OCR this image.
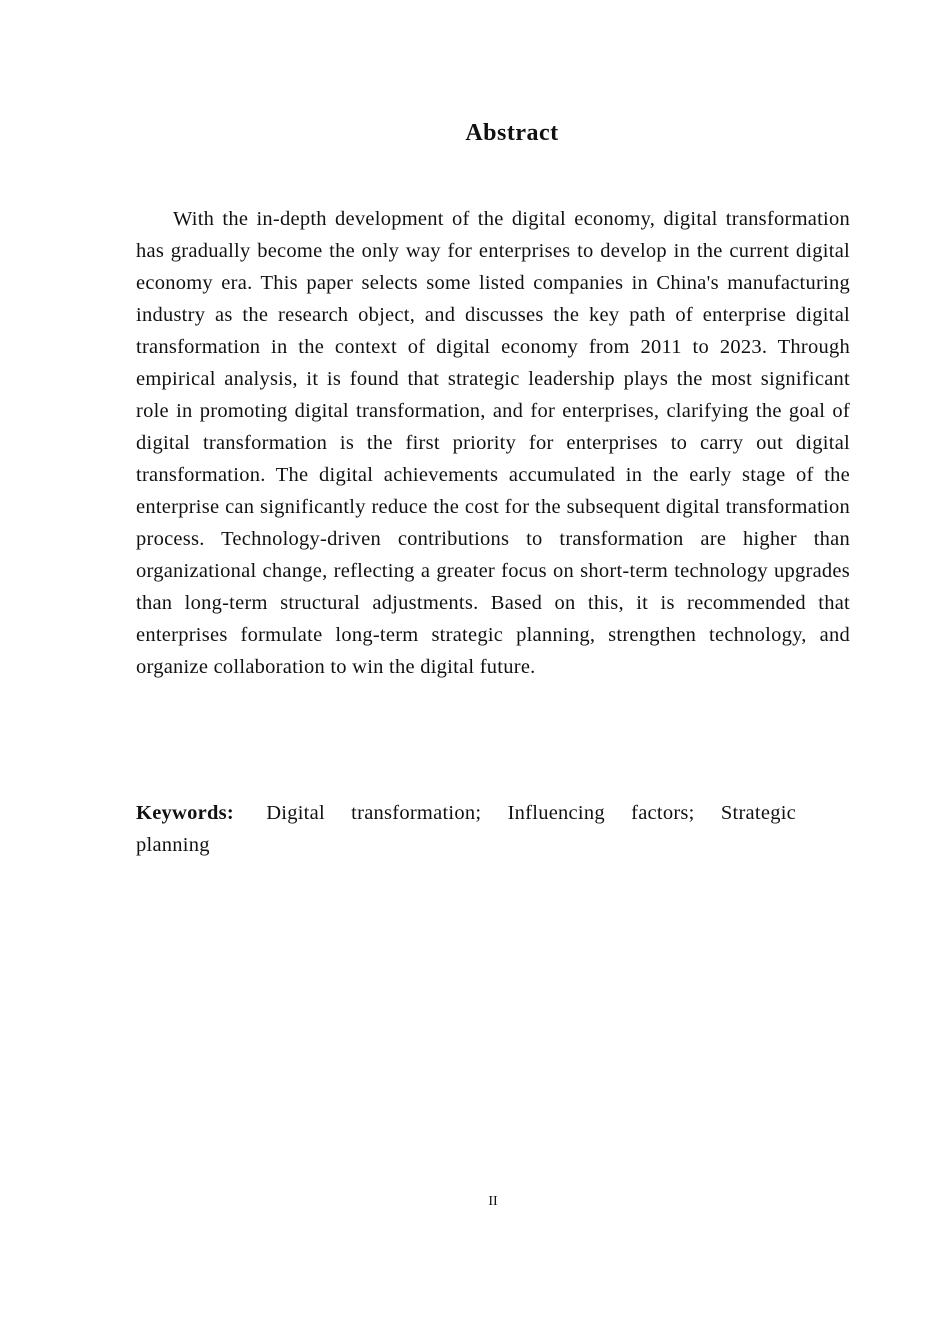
Abstract

With the in-depth development of the digital economy, digital transformation has gradually become the only way for enterprises to develop in the current digital economy era. This paper selects some listed companies in China's manufacturing industry as the research object, and discusses the key path of enterprise digital transformation in the context of digital economy from 2011 to 2023. Through empirical analysis, it is found that strategic leadership plays the most significant role in promoting digital transformation, and for enterprises, clarifying the goal of digital transformation is the first priority for enterprises to carry out digital transformation. The digital achievements accumulated in the early stage of the enterprise can significantly reduce the cost for the subsequent digital transformation process. Technology-driven contributions to transformation are higher than organizational change, reflecting a greater focus on short-term technology upgrades than long-term structural adjustments. Based on this, it is recommended that enterprises formulate long-term strategic planning, strengthen technology, and organize collaboration to win the digital future.

Keywords: Digital transformation; Influencing factors; Strategic planning

II
